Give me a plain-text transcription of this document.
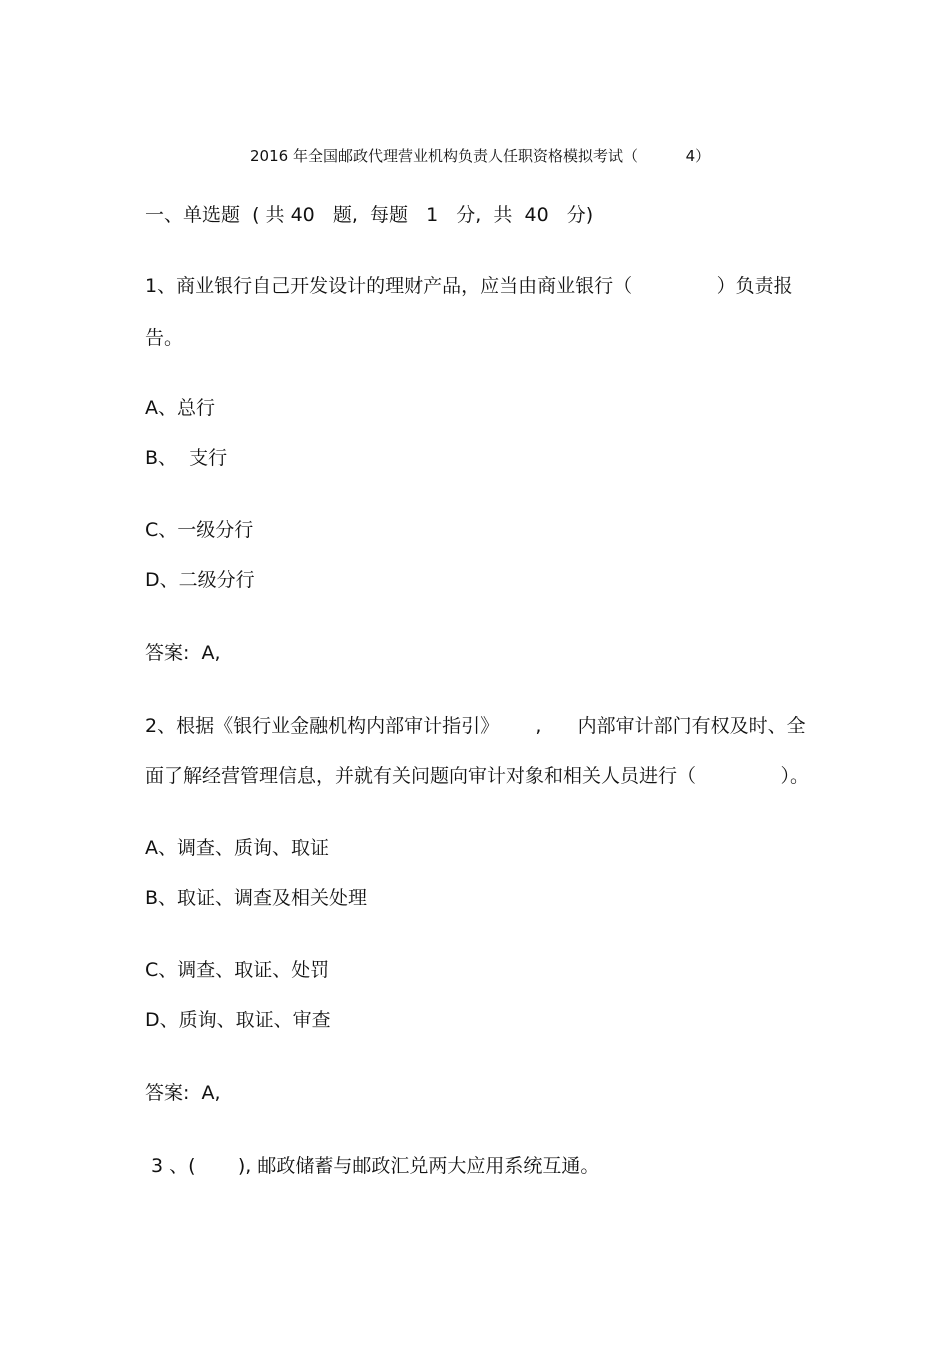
2016 年全国邮政代理营业机构负责人任职资格模拟考试（          4）

一、单选题  ( 共 40   题,  每题   1   分,  共  40   分)

1、商业银行自己开发设计的理财产品，应当由商业银行（              ）负责报

告。

A、总行

B、  支行

C、一级分行

D、二级分行

答案:  A,

2、根据《银行业金融机构内部审计指引》      ,      内部审计部门有权及时、全

面了解经营管理信息，并就有关问题向审计对象和相关人员进行（              ）。

A、调查、质询、取证

B、取证、调查及相关处理

C、调查、取证、处罚

D、质询、取证、审查

答案:  A,

3 、(       ), 邮政储蓄与邮政汇兑两大应用系统互通。
